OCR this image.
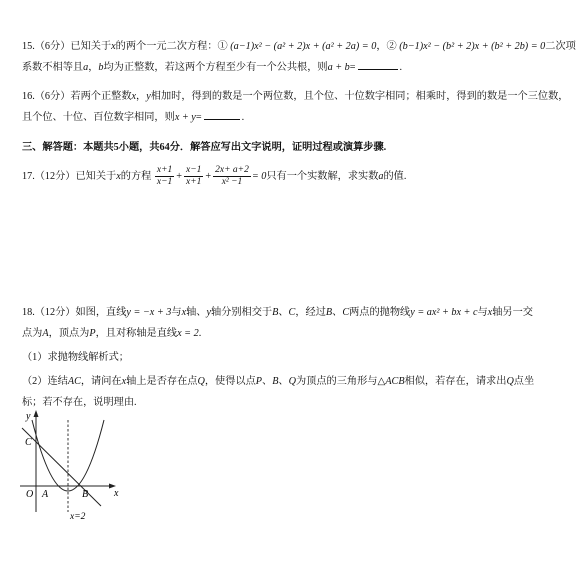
15.（6分）已知关于x的两个一元二次方程：① (a−1)x² − (a² + 2)x + (a² + 2a) = 0，② (b−1)x² − (b² + 2)x + (b² + 2b) = 0二次项
系数不相等且a，b均为正整数，若这两个方程至少有一个公共根，则a + b=	.
16.（6分）若两个正整数x，y相加时，得到的数是一个两位数，且个位、十位数字相同；相乘时，得到的数是一个三位数，
且个位、十位、百位数字相同，则x + y=	.
三、解答题：本题共5小题，共64分．解答应写出文字说明，证明过程或演算步骤.
17.（12分）已知关于x的方程 $\frac{x+1}{x-1} + \frac{x-1}{x+1} + \frac{2x+ a+2}{\text{x² −1}} = 0$只有一个实数解，求实数a的值.
18.（12分）如图，直线y = −x + 3与x轴、y轴分别相交于B、C，经过B、C两点的抛物线y = ax² + bx + c与x轴另一交
点为A，顶点为P，且对称轴是直线x = 2.
（1）求抛物线解析式；
（2）连结AC，请问在x轴上是否存在点Q，使得以点P、B、Q为顶点的三角形与△ACB相似，若存在，请求出Q点坐
标；若不存在，说明理由.
y
x
C
O A	B
x=2
